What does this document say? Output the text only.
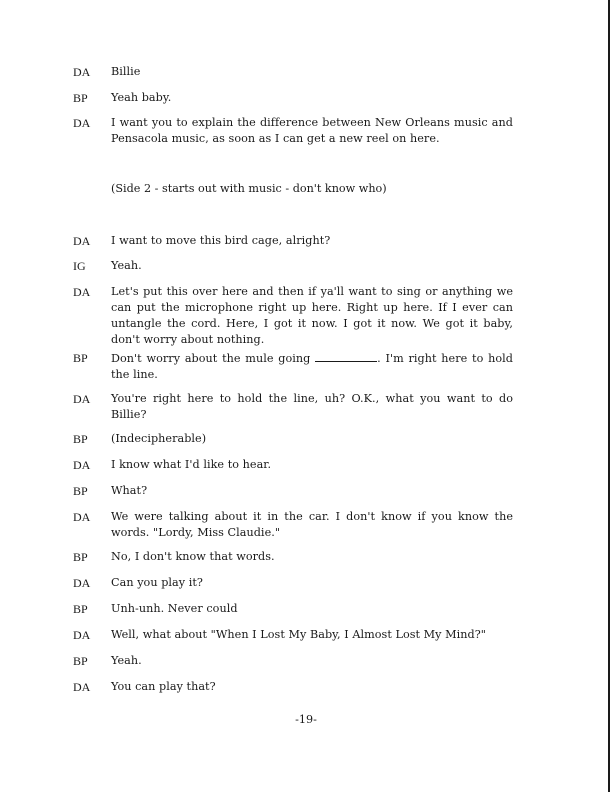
DA	Billie
BP	Yeah baby.
DA	I want you to explain the difference between New Orleans music and Pensacola music, as soon as I can get a new reel on here.
(Side 2 - starts out with music - don't know who)
DA	I want to move this bird cage, alright?
IG	Yeah.
DA	Let's put this over here and then if ya'll want to sing or anything we can put the microphone right up here. Right up here. If I ever can untangle the cord. Here, I got it now. I got it now. We got it baby, don't worry about nothing.
BP	Don't worry about the mule going	. I'm right here to hold the line.
DA	You're right here to hold the line, uh? O.K., what you want to do Billie?
BP	(Indecipherable)
DA	I know what I'd like to hear.
BP	What?
DA	We were talking about it in the car. I don't know if you know the words. "Lordy, Miss Claudie."
BP	No, I don't know that words.
DA	Can you play it?
BP	Unh-unh. Never could
DA	Well, what about "When I Lost My Baby, I Almost Lost My Mind?"
BP	Yeah.
DA	You can play that?
-19-
